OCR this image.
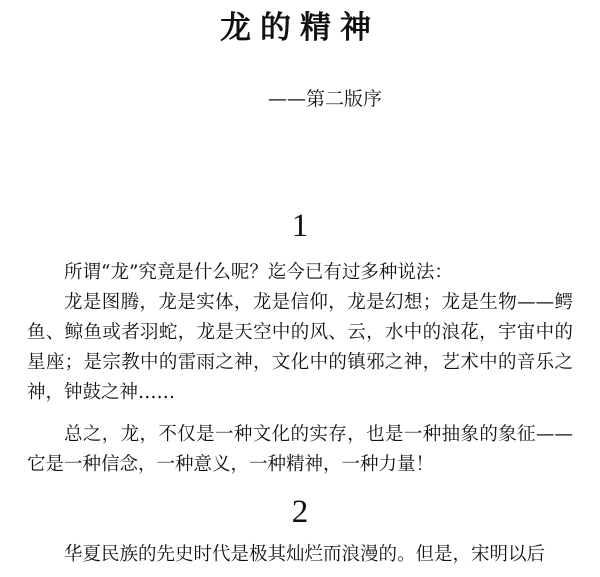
龙的精神
——第二版序
1

所谓“龙”究竟是什么呢？迄今已有过多种说法：

龙是图腾，龙是实体，龙是信仰，龙是幻想；龙是生物——鳄鱼、鲸鱼或者羽蛇，龙是天空中的风、云，水中的浪花，宇宙中的星座；是宗教中的雷雨之神，文化中的镇邪之神，艺术中的音乐之神，钟鼓之神……

总之，龙，不仅是一种文化的实存，也是一种抽象的象征——它是一种信念，一种意义，一种精神，一种力量！

2

华夏民族的先史时代是极其灿烂而浪漫的。但是，宋明以后
